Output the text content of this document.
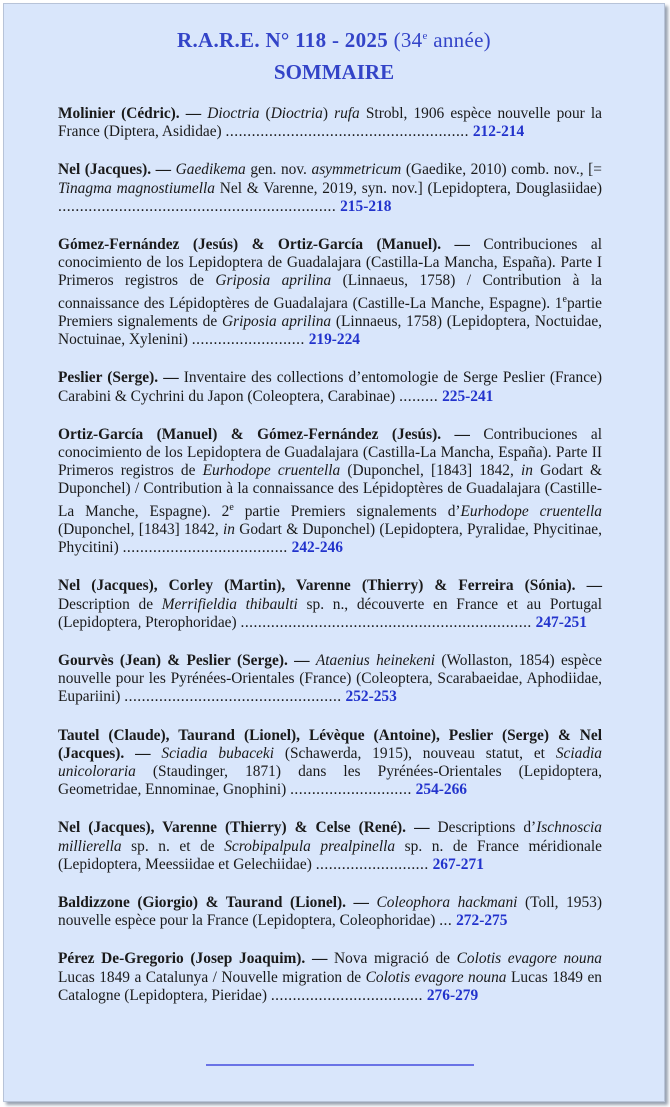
R.A.R.E. N° 118 - 2025 (34e année)
SOMMAIRE
Molinier (Cédric). — Dioctria (Dioctria) rufa Strobl, 1906 espèce nouvelle pour la France (Diptera, Asididae) ........................................................ 212-214
Nel (Jacques). — Gaedikema gen. nov. asymmetricum (Gaedike, 2010) comb. nov., [= Tinagma magnostiumella Nel & Varenne, 2019, syn. nov.] (Lepidoptera, Douglasiidae) ................................................................ 215-218
Gómez-Fernández (Jesús) & Ortiz-García (Manuel). — Contribuciones al conocimiento de los Lepidoptera de Guadalajara (Castilla-La Mancha, España). Parte I Primeros registros de Griposia aprilina (Linnaeus, 1758) / Contribution à la connaissance des Lépidoptères de Guadalajara (Castille-La Manche, Espagne). 1epartie Premiers signalements de Griposia aprilina (Linnaeus, 1758) (Lepidoptera, Noctuidae, Noctuinae, Xylenini) .......................... 219-224
Peslier (Serge). — Inventaire des collections d’entomologie de Serge Peslier (France) Carabini & Cychrini du Japon (Coleoptera, Carabinae) ......... 225-241
Ortiz-García (Manuel) & Gómez-Fernández (Jesús). — Contribuciones al conocimiento de los Lepidoptera de Guadalajara (Castilla-La Mancha, España). Parte II Primeros registros de Eurhodope cruentella (Duponchel, [1843] 1842, in Godart & Duponchel) / Contribution à la connaissance des Lépidoptères de Guadalajara (Castille-La Manche, Espagne). 2e partie Premiers signalements d’Eurhodope cruentella (Duponchel, [1843] 1842, in Godart & Duponchel) (Lepidoptera, Pyralidae, Phycitinae, Phycitini) ...................................... 242-246
Nel (Jacques), Corley (Martin), Varenne (Thierry) & Ferreira (Sónia). — Description de Merrifieldia thibaulti sp. n., découverte en France et au Portugal (Lepidoptera, Pterophoridae) ................................................................... 247-251
Gourvès (Jean) & Peslier (Serge). — Ataenius heinekeni (Wollaston, 1854) espèce nouvelle pour les Pyrénées-Orientales (France) (Coleoptera, Scarabaeidae, Aphodiidae, Eupariini) .................................................. 252-253
Tautel (Claude), Taurand (Lionel), Lévèque (Antoine), Peslier (Serge) & Nel (Jacques). — Sciadia bubaceki (Schawerda, 1915), nouveau statut, et Sciadia unicoloraria (Staudinger, 1871) dans les Pyrénées-Orientales (Lepidoptera, Geometridae, Ennominae, Gnophini) ............................ 254-266
Nel (Jacques), Varenne (Thierry) & Celse (René). — Descriptions d’Ischnoscia millierella sp. n. et de Scrobipalpula prealpinella sp. n. de France méridionale (Lepidoptera, Meessiidae et Gelechiidae) .......................... 267-271
Baldizzone (Giorgio) & Taurand (Lionel). — Coleophora hackmani (Toll, 1953) nouvelle espèce pour la France (Lepidoptera, Coleophoridae) ... 272-275
Pérez De-Gregorio (Josep Joaquim). — Nova migració de Colotis evagore nouna Lucas 1849 a Catalunya / Nouvelle migration de Colotis evagore nouna Lucas 1849 en Catalogne (Lepidoptera, Pieridae) ................................... 276-279
